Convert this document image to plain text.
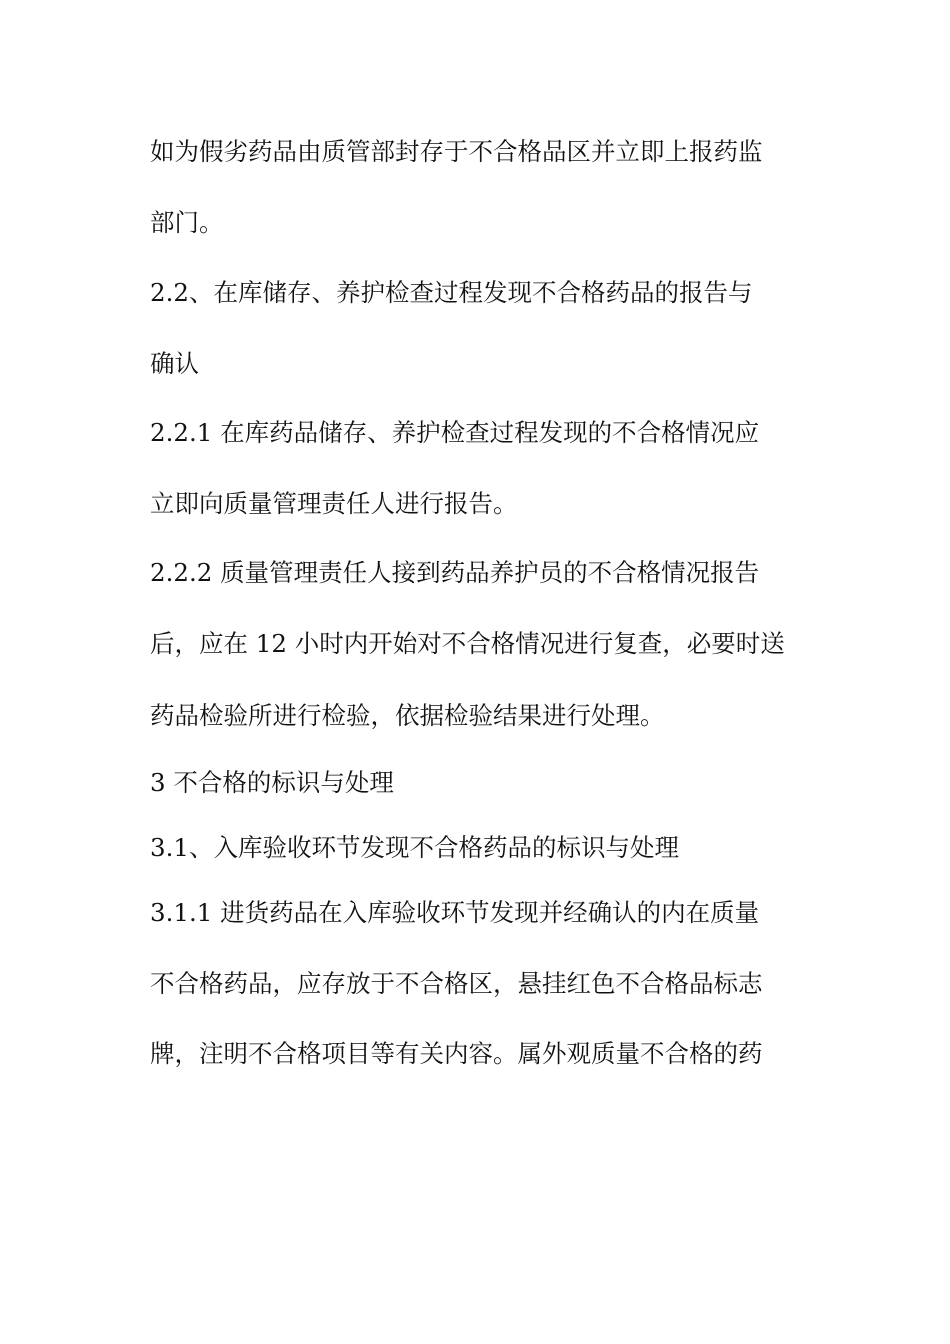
如为假劣药品由质管部封存于不合格品区并立即上报药监
部门。
2.2、在库储存、养护检查过程发现不合格药品的报告与
确认
2.2.1 在库药品储存、养护检查过程发现的不合格情况应
立即向质量管理责任人进行报告。
2.2.2 质量管理责任人接到药品养护员的不合格情况报告
后，应在 12 小时内开始对不合格情况进行复查，必要时送
药品检验所进行检验，依据检验结果进行处理。
3 不合格的标识与处理
3.1、入库验收环节发现不合格药品的标识与处理
3.1.1 进货药品在入库验收环节发现并经确认的内在质量
不合格药品，应存放于不合格区，悬挂红色不合格品标志
牌，注明不合格项目等有关内容。属外观质量不合格的药
